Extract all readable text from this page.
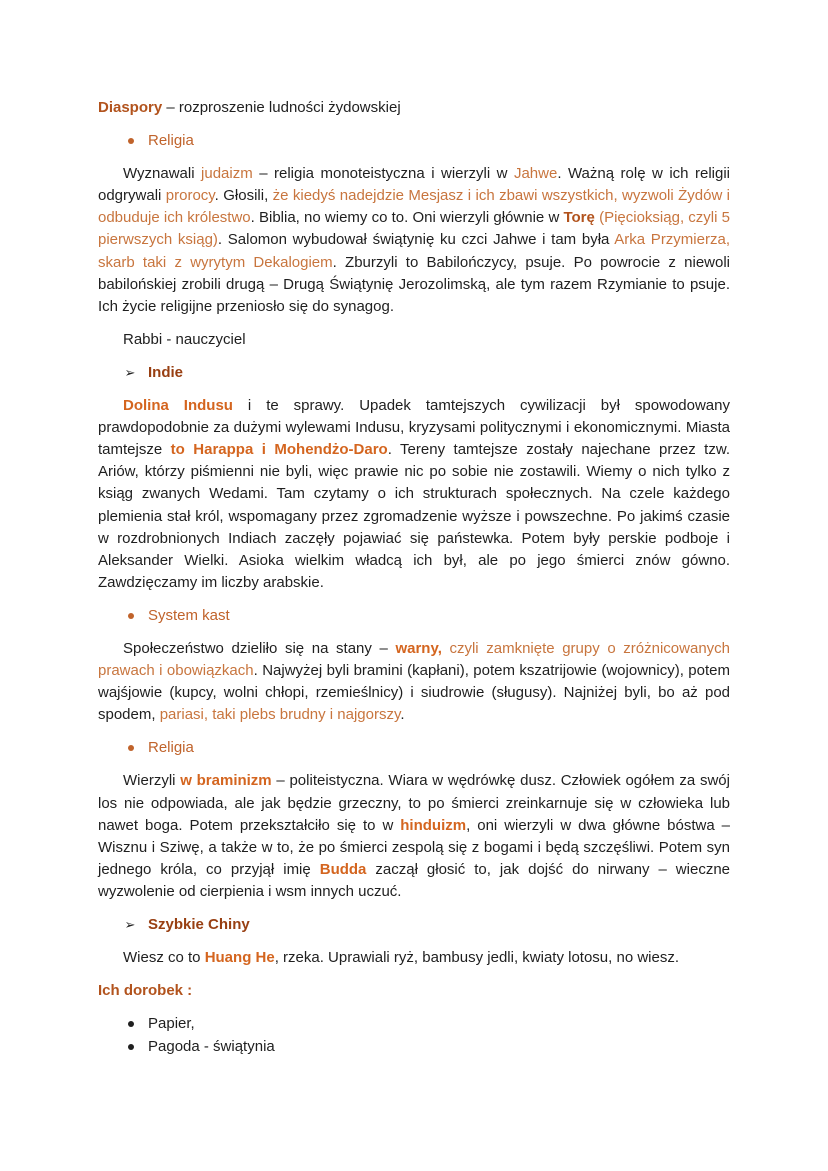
Diaspory – rozproszenie ludności żydowskiej

Religia

Wyznawali judaizm – religia monoteistyczna i wierzyli w Jahwe. Ważną rolę w ich religii odgrywali prorocy. Głosili, że kiedyś nadejdzie Mesjasz i ich zbawi wszystkich, wyzwoli Żydów i odbuduje ich królestwo. Biblia, no wiemy co to. Oni wierzyli głównie w Torę (Pięcioksiąg, czyli 5 pierwszych ksiąg). Salomon wybudował świątynię ku czci Jahwe i tam była Arka Przymierza, skarb taki z wyrytym Dekalogiem. Zburzyli to Babilończycy, psuje. Po powrocie z niewoli babilońskiej zrobili drugą – Drugą Świątynię Jerozolimską, ale tym razem Rzymianie to psuje. Ich życie religijne przeniosło się do synagog.

Rabbi - nauczyciel

➢ Indie

Dolina Indusu i te sprawy. Upadek tamtejszych cywilizacji był spowodowany prawdopodobnie za dużymi wylewami Indusu, kryzysami politycznymi i ekonomicznymi. Miasta tamtejsze to Harappa i Mohendżo-Daro. Tereny tamtejsze zostały najechane przez tzw. Ariów, którzy piśmienni nie byli, więc prawie nic po sobie nie zostawili. Wiemy o nich tylko z ksiąg zwanych Wedami. Tam czytamy o ich strukturach społecznych. Na czele każdego plemienia stał król, wspomagany przez zgromadzenie wyższe i powszechne. Po jakimś czasie w rozdrobnionych Indiach zaczęły pojawiać się państewka. Potem były perskie podboje i Aleksander Wielki. Asioka wielkim władcą ich był, ale po jego śmierci znów gówno. Zawdzięczamy im liczby arabskie.

System kast

Społeczeństwo dzieliło się na stany – warny, czyli zamknięte grupy o zróżnicowanych prawach i obowiązkach. Najwyżej byli bramini (kapłani), potem kszatrijowie (wojownicy), potem wajśjowie (kupcy, wolni chłopi, rzemieślnicy) i siudrowie (sługusy). Najniżej byli, bo aż pod spodem, pariasi, taki plebs brudny i najgorszy.

Religia

Wierzyli w braminizm – politeistyczna. Wiara w wędrówkę dusz. Człowiek ogółem za swój los nie odpowiada, ale jak będzie grzeczny, to po śmierci zreinkarnuje się w człowieka lub nawet boga. Potem przekształciło się to w hinduizm, oni wierzyli w dwa główne bóstwa – Wisznu i Sziwę, a także w to, że po śmierci zespolą się z bogami i będą szczęśliwi. Potem syn jednego króla, co przyjął imię Budda zaczął głosić to, jak dojść do nirwany – wieczne wyzwolenie od cierpienia i wsm innych uczuć.

➢ Szybkie Chiny

Wiesz co to Huang He, rzeka. Uprawiali ryż, bambusy jedli, kwiaty lotosu, no wiesz.

Ich dorobek :

Papier,
Pagoda - świątynia
